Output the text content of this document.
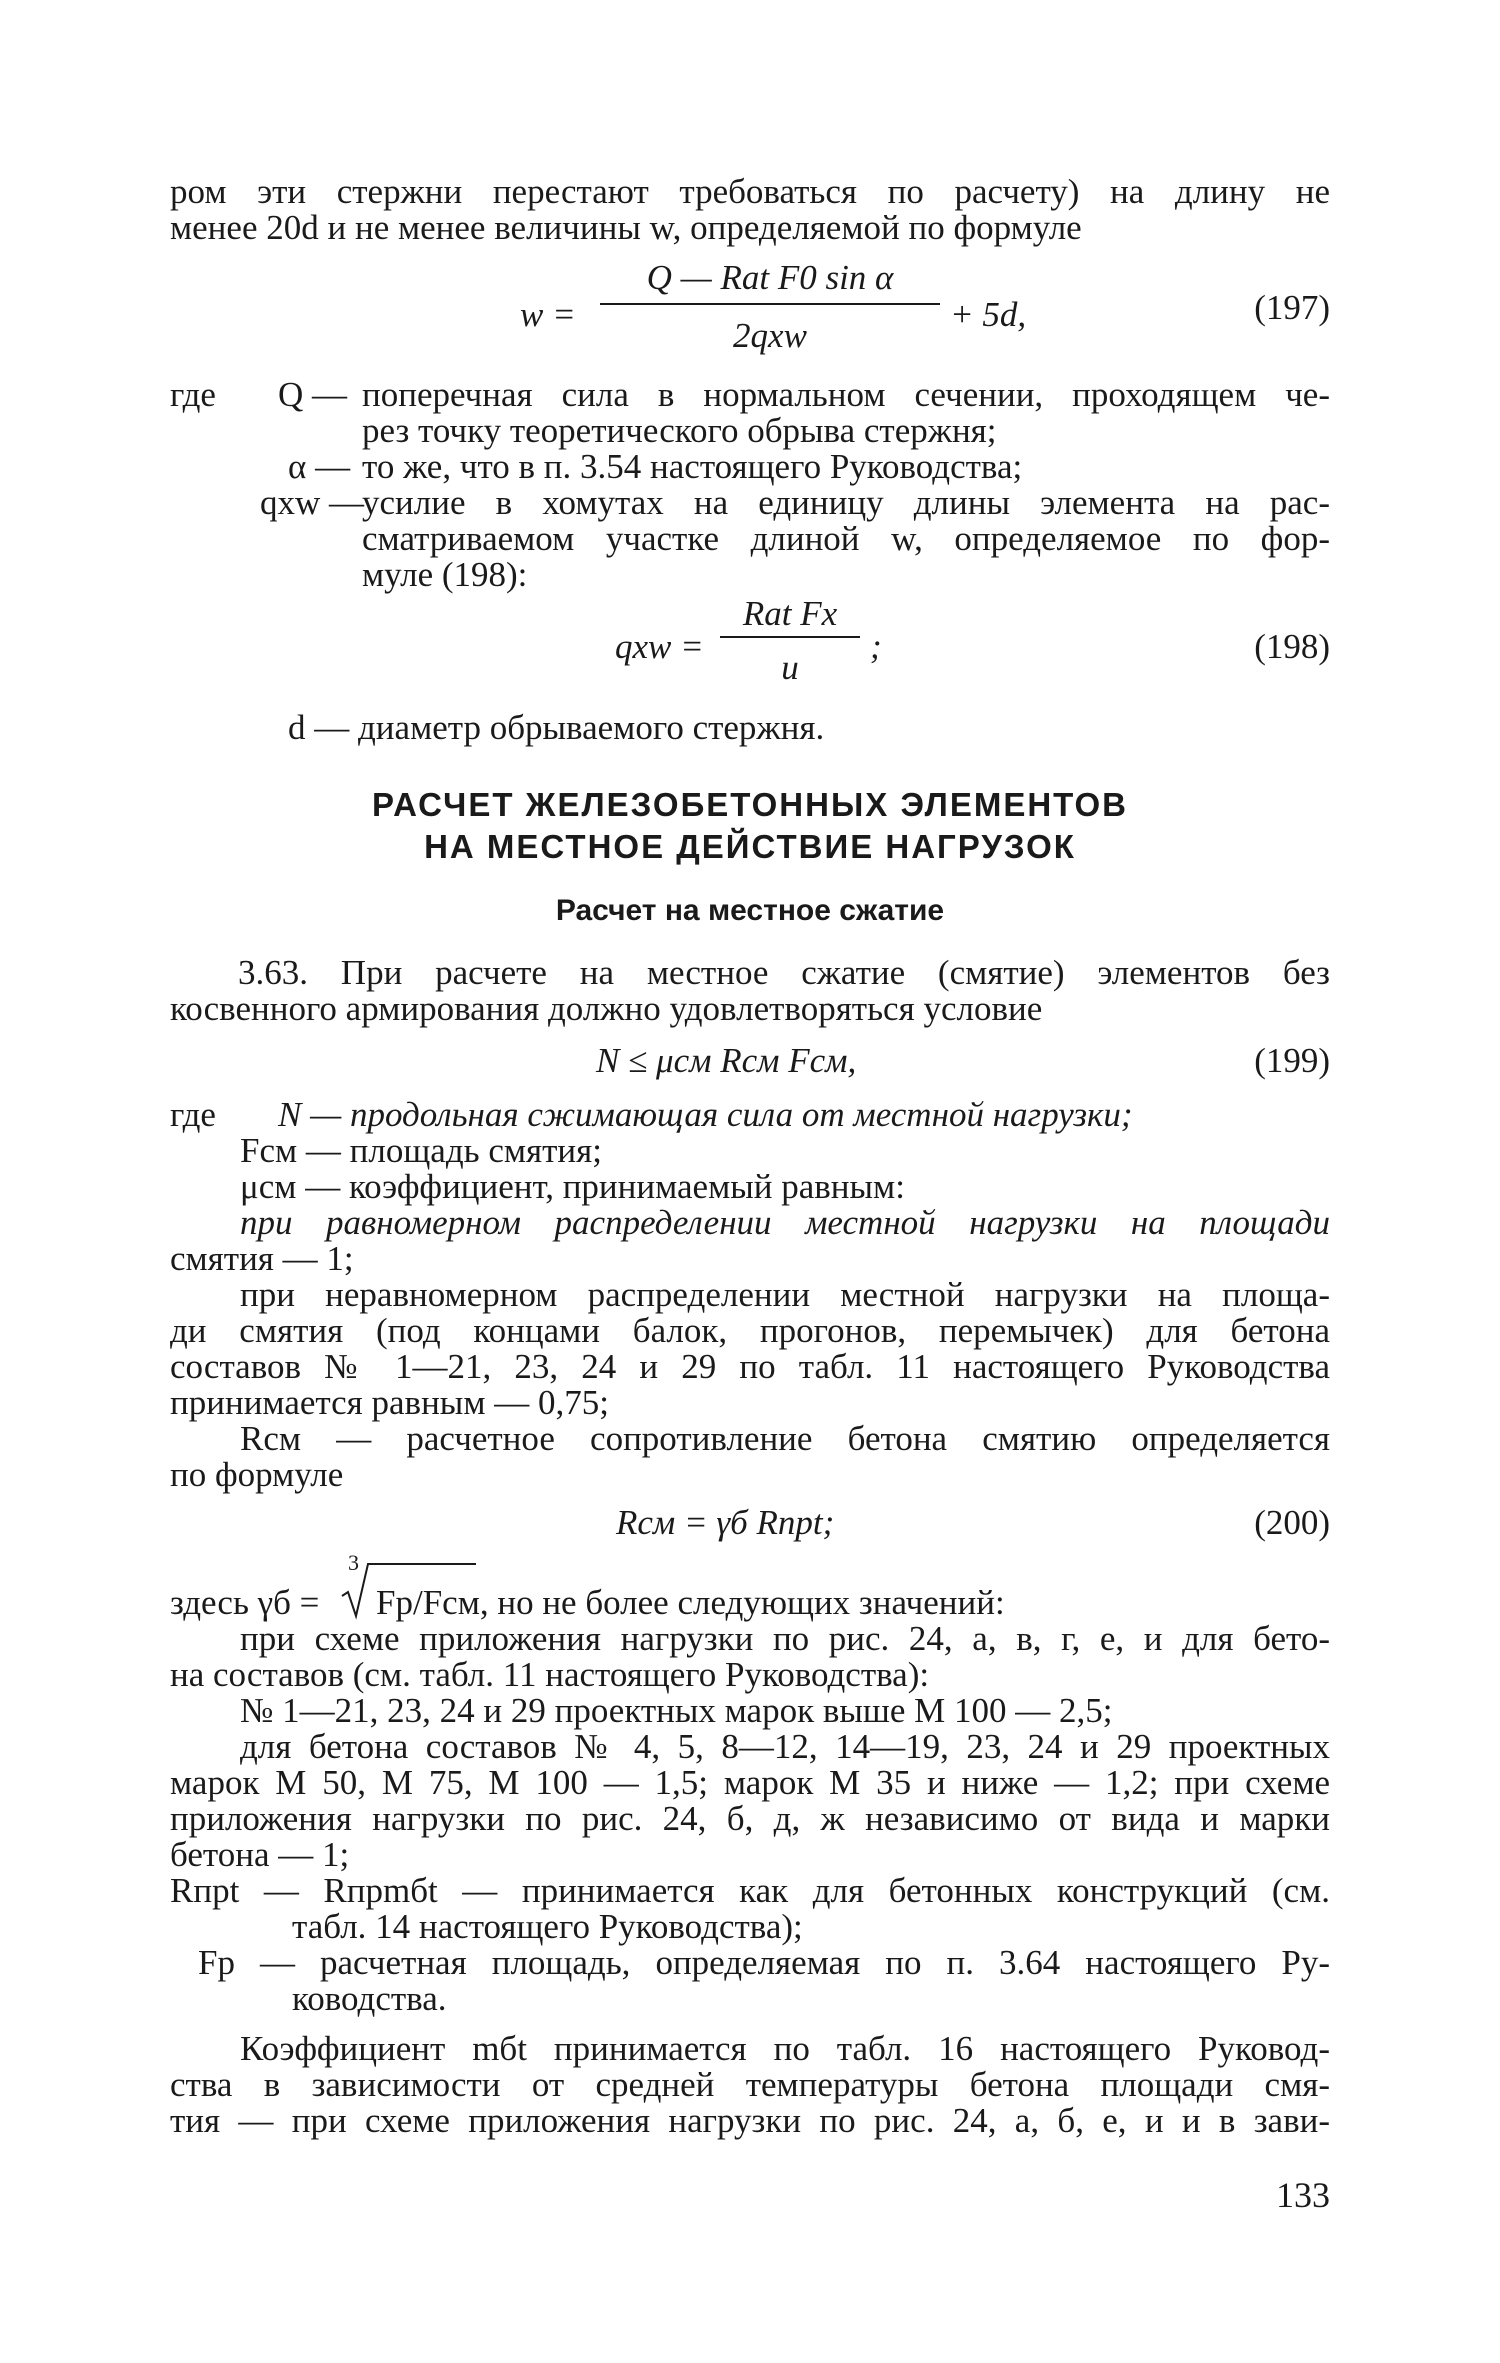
ром эти стержни перестают требоваться по расчету) на длину не
менее 20d и не менее величины w, определяемой по формуле
w =
Q — Rat F0 sin α
2qxw
+ 5d,	(197)
где Q — поперечная сила в нормальном сечении, проходящем че-
рез точку теоретического обрыва стержня;
α — то же, что в п. 3.54 настоящего Руководства;
qxw —
усилие в хомутах на единицу длины элемента на рас-
сматриваемом участке длиной w, определяемое по фор-
муле (198):
qxw =
Rat Fx
u
;	(198)
d — диаметр обрываемого стержня.
РАСЧЕТ ЖЕЛЕЗОБЕТОННЫХ ЭЛЕМЕНТОВ
НА МЕСТНОЕ ДЕЙСТВИЕ НАГРУЗОК
Расчет на местное сжатие
3.63. При расчете на местное сжатие (смятие) элементов без
косвенного армирования должно удовлетворяться условие
N ≤ μсм Rсм Fсм,	(199)
где N — продольная сжимающая сила от местной нагрузки;
Fсм — площадь смятия;
μсм — коэффициент, принимаемый равным:
при равномерном распределении местной нагрузки на площади
смятия — 1;
при неравномерном распределении местной нагрузки на площа-
ди смятия (под концами балок, прогонов, перемычек) для бетона
составов № 1—21, 23, 24 и 29 по табл. 11 настоящего Руководства
принимается равным — 0,75;
Rсм — расчетное сопротивление бетона смятию определяется
по формуле
Rсм = γб Rпрt;	(200)
здесь γб =
3
Fр/Fсм, но не более следующих значений:
при схеме приложения нагрузки по рис. 24, а, в, г, е, и для бето-
на составов (см. табл. 11 настоящего Руководства):
№ 1—21, 23, 24 и 29 проектных марок выше М 100 — 2,5;
для бетона составов № 4, 5, 8—12, 14—19, 23, 24 и 29 проектных
марок М 50, М 75, М 100 — 1,5; марок М 35 и ниже — 1,2; при схеме
приложения нагрузки по рис. 24, б, д, ж независимо от вида и марки
бетона — 1;
Rпрt — Rпрmбt — принимается как для бетонных конструкций (см.
табл. 14 настоящего Руководства);
Fр — расчетная площадь, определяемая по п. 3.64 настоящего Ру-
ководства.
Коэффициент mбt принимается по табл. 16 настоящего Руковод-
ства в зависимости от средней температуры бетона площади смя-
тия — при схеме приложения нагрузки по рис. 24, а, б, е, и и в зави-
133
